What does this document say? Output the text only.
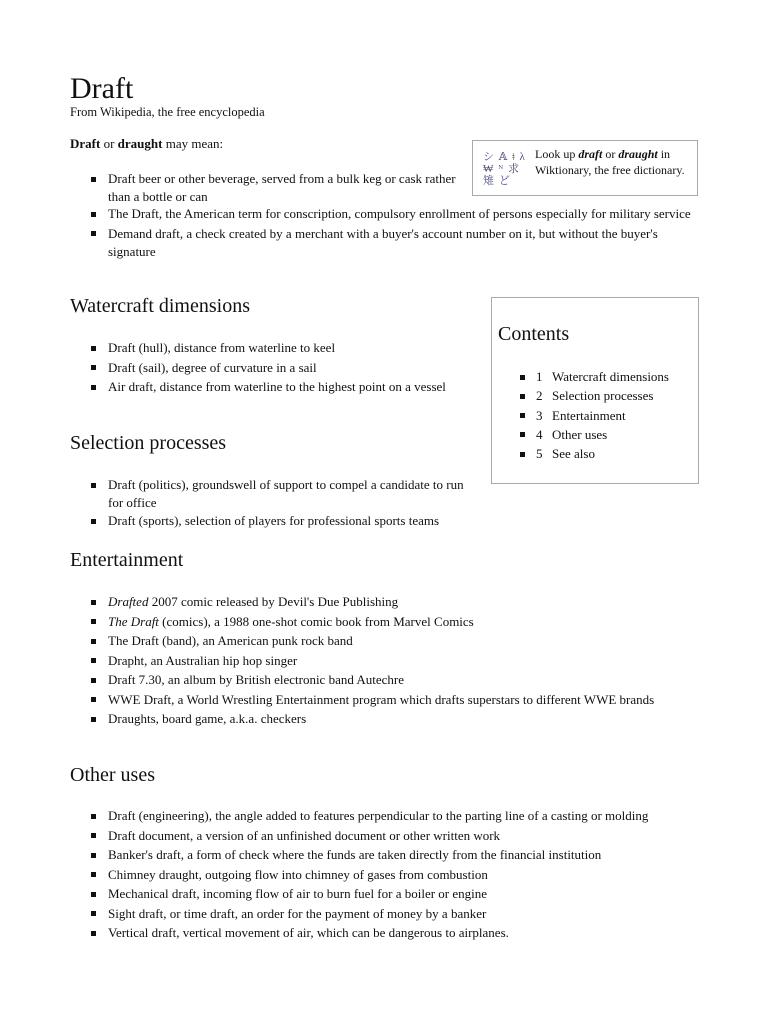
Draft
From Wikipedia, the free encyclopedia
Draft or draught may mean:
Draft beer or other beverage, served from a bulk keg or cask rather than a bottle or can
The Draft, the American term for conscription, compulsory enrollment of persons especially for military service
Demand draft, a check created by a merchant with a buyer's account number on it, but without the buyer's signature
シ 𝔸 ǂ λ ₩ ᴺ 求 雉 ど
Look up draft or draught in Wiktionary, the free dictionary.
Watercraft dimensions
Draft (hull), distance from waterline to keel
Draft (sail), degree of curvature in a sail
Air draft, distance from waterline to the highest point on a vessel
Contents
1 Watercraft dimensions
2 Selection processes
3 Entertainment
4 Other uses
5 See also
Selection processes
Draft (politics), groundswell of support to compel a candidate to run for office
Draft (sports), selection of players for professional sports teams
Entertainment
Drafted 2007 comic released by Devil's Due Publishing
The Draft (comics), a 1988 one-shot comic book from Marvel Comics
The Draft (band), an American punk rock band
Drapht, an Australian hip hop singer
Draft 7.30, an album by British electronic band Autechre
WWE Draft, a World Wrestling Entertainment program which drafts superstars to different WWE brands
Draughts, board game, a.k.a. checkers
Other uses
Draft (engineering), the angle added to features perpendicular to the parting line of a casting or molding
Draft document, a version of an unfinished document or other written work
Banker's draft, a form of check where the funds are taken directly from the financial institution
Chimney draught, outgoing flow into chimney of gases from combustion
Mechanical draft, incoming flow of air to burn fuel for a boiler or engine
Sight draft, or time draft, an order for the payment of money by a banker
Vertical draft, vertical movement of air, which can be dangerous to airplanes.
